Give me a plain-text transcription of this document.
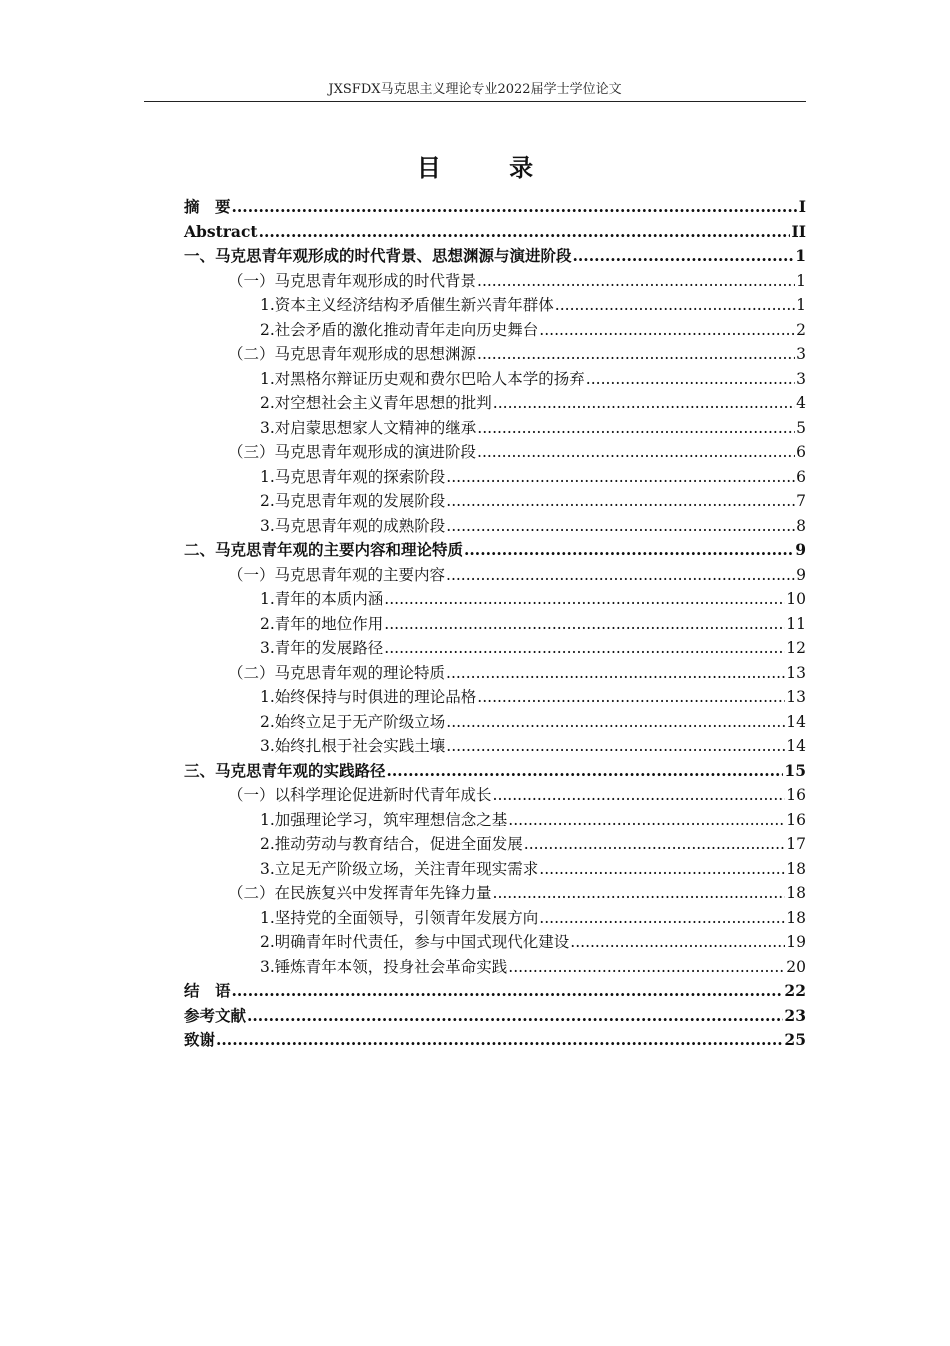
JXSFDX马克思主义理论专业2022届学士学位论文
目 录
摘　要 .....	I
Abstract .....	II
一、马克思青年观形成的时代背景、思想渊源与演进阶段 .....	1
（一）马克思青年观形成的时代背景 .....	1
1.资本主义经济结构矛盾催生新兴青年群体 .....	1
2.社会矛盾的激化推动青年走向历史舞台 .....	2
（二）马克思青年观形成的思想渊源 .....	3
1.对黑格尔辩证历史观和费尔巴哈人本学的扬弃 .....	3
2.对空想社会主义青年思想的批判 .....	4
3.对启蒙思想家人文精神的继承 .....	5
（三）马克思青年观形成的演进阶段 .....	6
1.马克思青年观的探索阶段 .....	6
2.马克思青年观的发展阶段 .....	7
3.马克思青年观的成熟阶段 .....	8
二、马克思青年观的主要内容和理论特质 .....	9
（一）马克思青年观的主要内容 .....	9
1.青年的本质内涵 .....	10
2.青年的地位作用 .....	11
3.青年的发展路径 .....	12
（二）马克思青年观的理论特质 .....	13
1.始终保持与时俱进的理论品格 .....	13
2.始终立足于无产阶级立场 .....	14
3.始终扎根于社会实践土壤 .....	14
三、马克思青年观的实践路径 .....	15
（一）以科学理论促进新时代青年成长 .....	16
1.加强理论学习，筑牢理想信念之基 .....	16
2.推动劳动与教育结合，促进全面发展 .....	17
3.立足无产阶级立场，关注青年现实需求 .....	18
（二）在民族复兴中发挥青年先锋力量 .....	18
1.坚持党的全面领导，引领青年发展方向 .....	18
2.明确青年时代责任，参与中国式现代化建设 .....	19
3.锤炼青年本领，投身社会革命实践 .....	20
结　语 .....	22
参考文献 .....	23
致谢 .....	25
